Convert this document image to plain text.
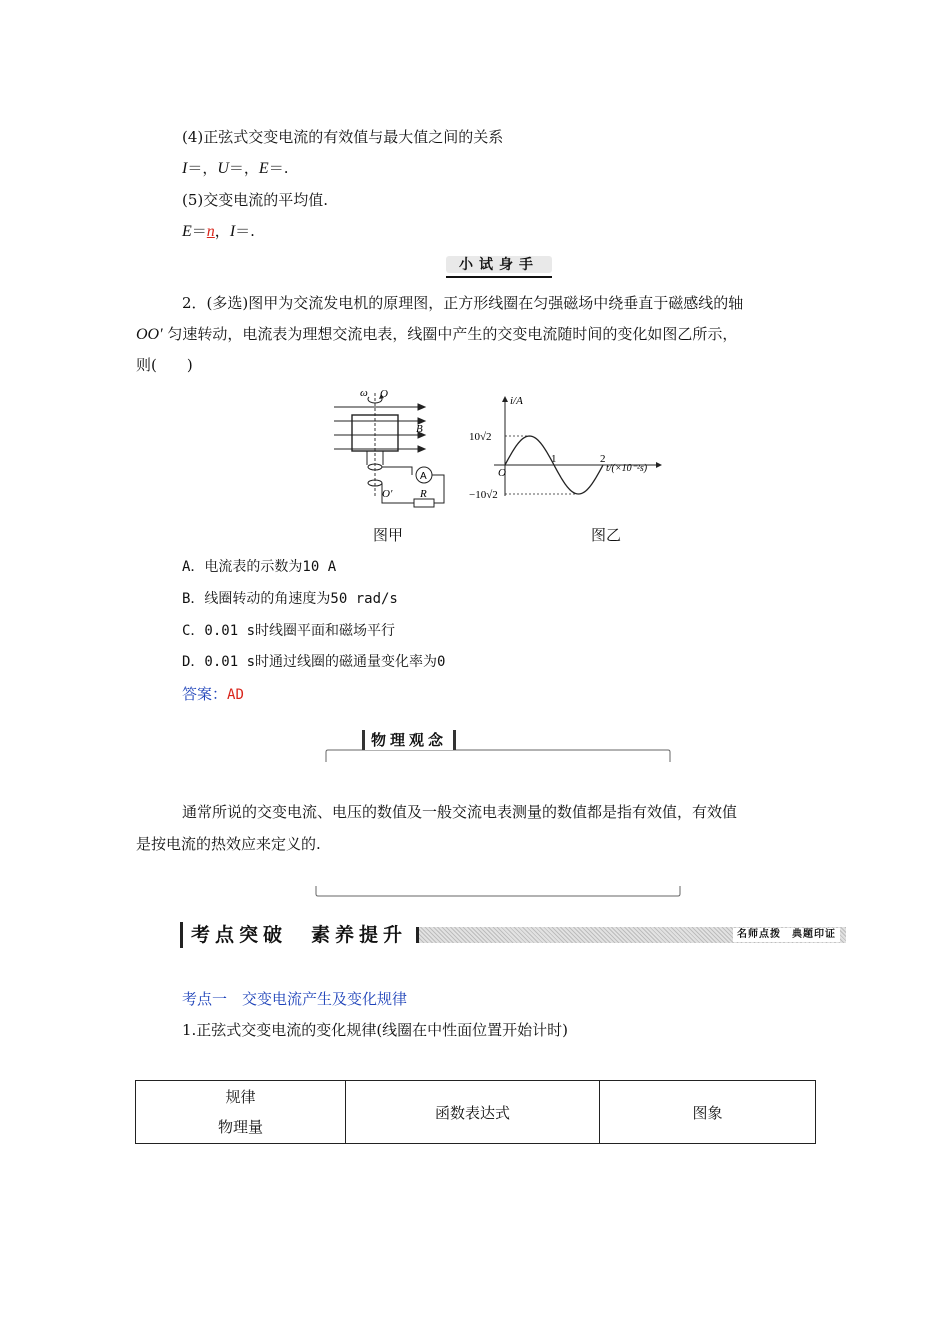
(4)正弦式交变电流的有效值与最大值之间的关系
I＝，U＝，E＝.
(5)交变电流的平均值.
E＝n，I＝.
小试身手
2．(多选)图甲为交流发电机的原理图，正方形线圈在匀强磁场中绕垂直于磁感线的轴
OO′ 匀速转动，电流表为理想交流电表，线圈中产生的交变电流随时间的变化如图乙所示，
则(　　)
ω O
B
A
R
O′
图甲
i/A
t/(×10⁻²s)
O
1	2
10√2
−10√2
图乙
A．电流表的示数为10 A
B．线圈转动的角速度为50 rad/s
C．0.01 s时线圈平面和磁场平行
D．0.01 s时通过线圈的磁通量变化率为0
答案：AD
物理观念
通常所说的交变电流、电压的数值及一般交流电表测量的数值都是指有效值，有效值
是按电流的热效应来定义的.
考点突破　素养提升	名师点拨　典题印证
考点一　交变电流产生及变化规律
1.正弦式交变电流的变化规律(线圈在中性面位置开始计时)
规律
物理量
	函数表达式	图象
